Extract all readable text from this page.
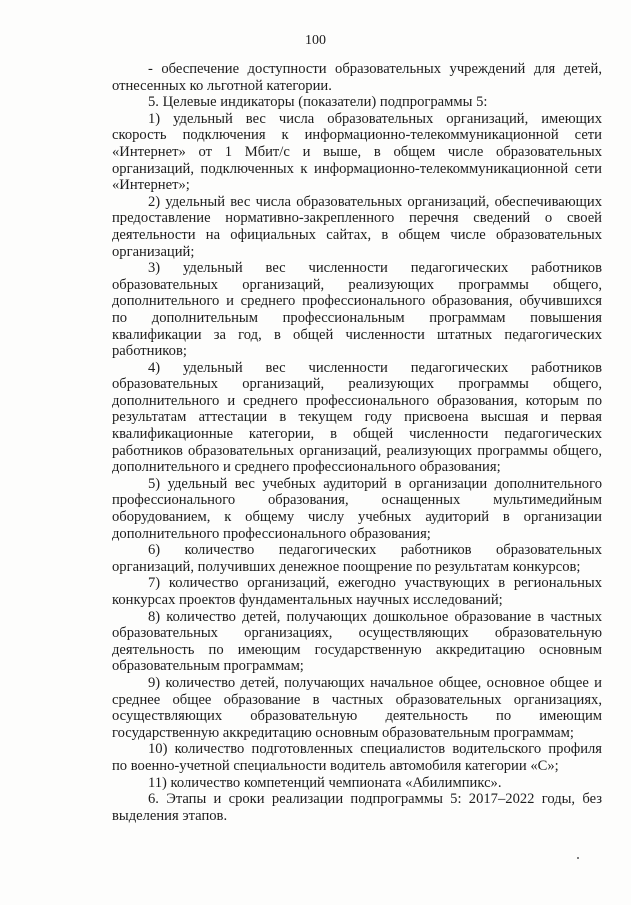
100

- обеспечение доступности образовательных учреждений для детей, отнесенных ко льготной категории.

5. Целевые индикаторы (показатели) подпрограммы 5:

1) удельный вес числа образовательных организаций, имеющих скорость подключения к информационно-телекоммуникационной сети «Интернет» от 1 Мбит/с и выше, в общем числе образовательных организаций, подключенных к информационно-телекоммуникационной сети «Интернет»;

2) удельный вес числа образовательных организаций, обеспечивающих предоставление нормативно-закрепленного перечня сведений о своей деятельности на официальных сайтах, в общем числе образовательных организаций;

3) удельный вес численности педагогических работников образовательных организаций, реализующих программы общего, дополнительного и среднего профессионального образования, обучившихся по дополнительным профессиональным программам повышения квалификации за год, в общей численности штатных педагогических работников;

4) удельный вес численности педагогических работников образовательных организаций, реализующих программы общего, дополнительного и среднего профессионального образования, которым по результатам аттестации в текущем году присвоена высшая и первая квалификационные категории, в общей численности педагогических работников образовательных организаций, реализующих программы общего, дополнительного и среднего профессионального образования;

5) удельный вес учебных аудиторий в организации дополнительного профессионального образования, оснащенных мультимедийным оборудованием, к общему числу учебных аудиторий в организации дополнительного профессионального образования;

6) количество педагогических работников образовательных организаций, получивших денежное поощрение по результатам конкурсов;

7) количество организаций, ежегодно участвующих в региональных конкурсах проектов фундаментальных научных исследований;

8) количество детей, получающих дошкольное образование в частных образовательных организациях, осуществляющих образовательную деятельность по имеющим государственную аккредитацию основным образовательным программам;

9) количество детей, получающих начальное общее, основное общее и среднее общее образование в частных образовательных организациях, осуществляющих образовательную деятельность по имеющим государственную аккредитацию основным образовательным программам;

10) количество подготовленных специалистов водительского профиля по военно-учетной специальности водитель автомобиля категории «С»;

11) количество компетенций чемпионата «Абилимпикс».

6. Этапы и сроки реализации подпрограммы 5: 2017–2022 годы, без выделения этапов.
